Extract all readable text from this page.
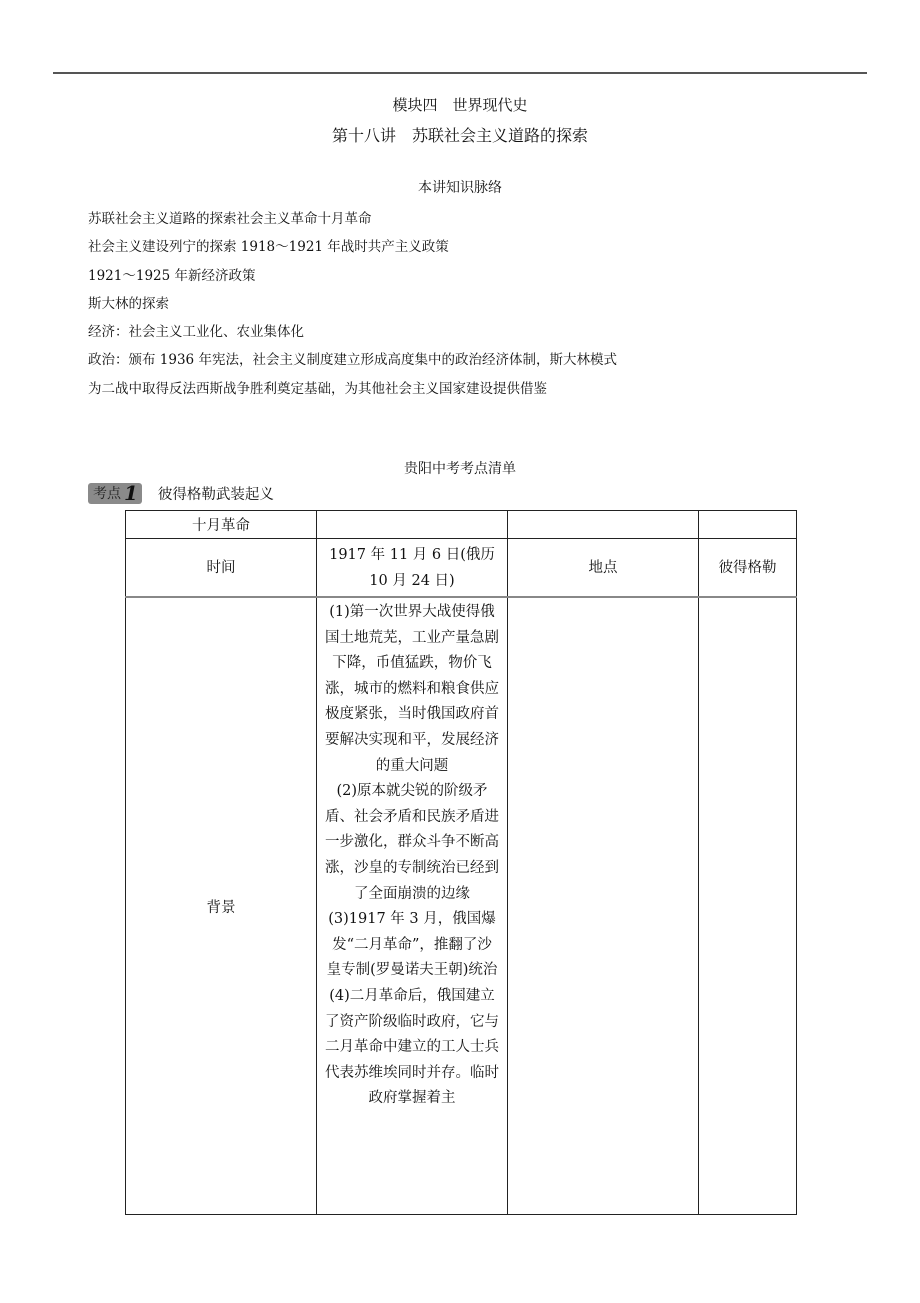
模块四　世界现代史
第十八讲　苏联社会主义道路的探索
本讲知识脉络
苏联社会主义道路的探索社会主义革命十月革命
社会主义建设列宁的探索 1918～1921 年战时共产主义政策
1921～1925 年新经济政策
斯大林的探索
经济：社会主义工业化、农业集体化
政治：颁布 1936 年宪法，社会主义制度建立形成高度集中的政治经济体制，斯大林模式
为二战中取得反法西斯战争胜利奠定基础，为其他社会主义国家建设提供借鉴
贵阳中考考点清单
考点 1 彼得格勒武装起义
十月革命			
时间	1917 年 11 月 6 日(俄历
10 月 24 日)	地点	彼得格勒
背景	(1)第一次世界大战使得俄国土地荒芜，工业产量急剧下降，币值猛跌，物价飞涨，城市的燃料和粮食供应极度紧张，当时俄国政府首要解决实现和平，发展经济的重大问题

(2)原本就尖锐的阶级矛盾、社会矛盾和民族矛盾进一步激化，群众斗争不断高涨，沙皇的专制统治已经到了全面崩溃的边缘

(3)1917 年 3 月，俄国爆发“二月革命”，推翻了沙皇专制(罗曼诺夫王朝)统治

(4)二月革命后，俄国建立了资产阶级临时政府，它与二月革命中建立的工人士兵代表苏维埃同时并存。临时政府掌握着主		
